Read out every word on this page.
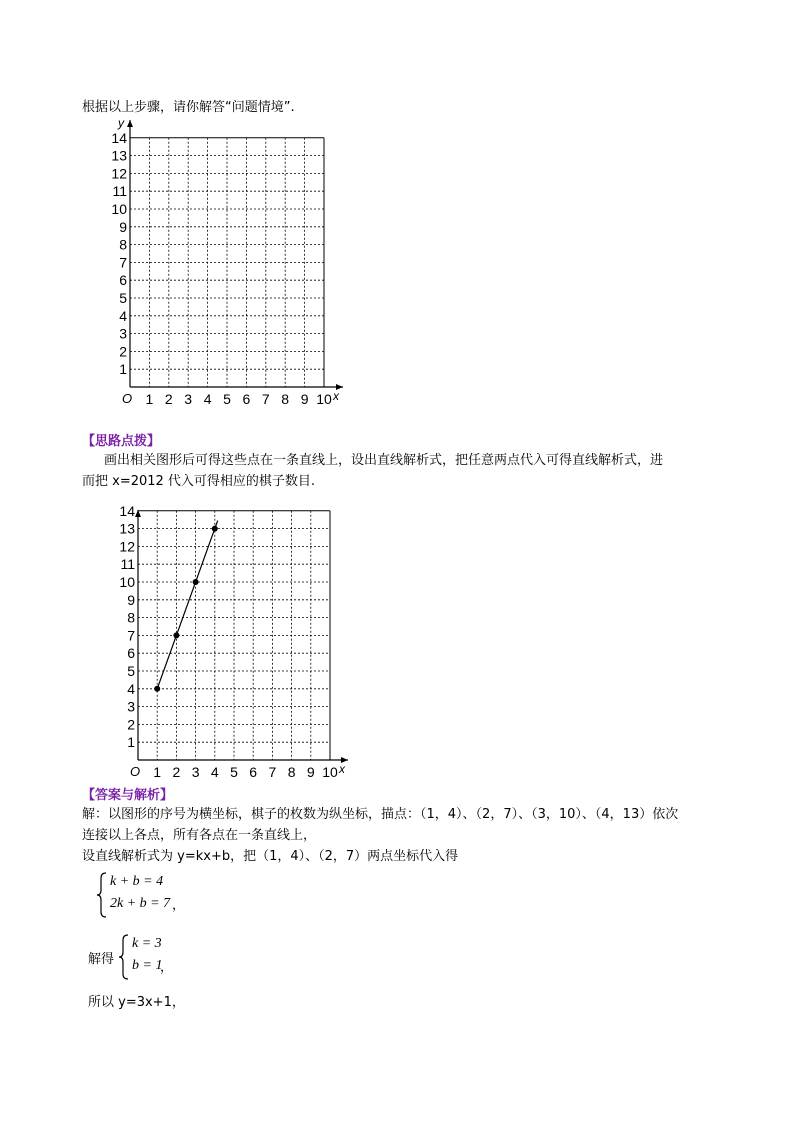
根据以上步骤，请你解答“问题情境”.
1 2 3 4 5 6 7 8 9 10
1
2
3
4
5
6
7
8
9
10
11
12
13
14
O	x
y
【思路点拨】
画出相关图形后可得这些点在一条直线上，设出直线解析式，把任意两点代入可得直线解析式，进
而把 x=2012 代入可得相应的棋子数目.
1 2 3 4 5 6 7 8 9 10
1
2
3
4
5
6
7
8
9
10
11
12
13
14
O	x
【答案与解析】
解：以图形的序号为横坐标，棋子的枚数为纵坐标，描点：（1，4）、（2，7）、（3，10）、（4，13）依次
连接以上各点，所有各点在一条直线上，
设直线解析式为 y=kx+b，把（1，4）、（2，7）两点坐标代入得
k + b = 4
2k + b = 7 ，
解得
k = 3
b = 1
，
所以 y=3x+1，
